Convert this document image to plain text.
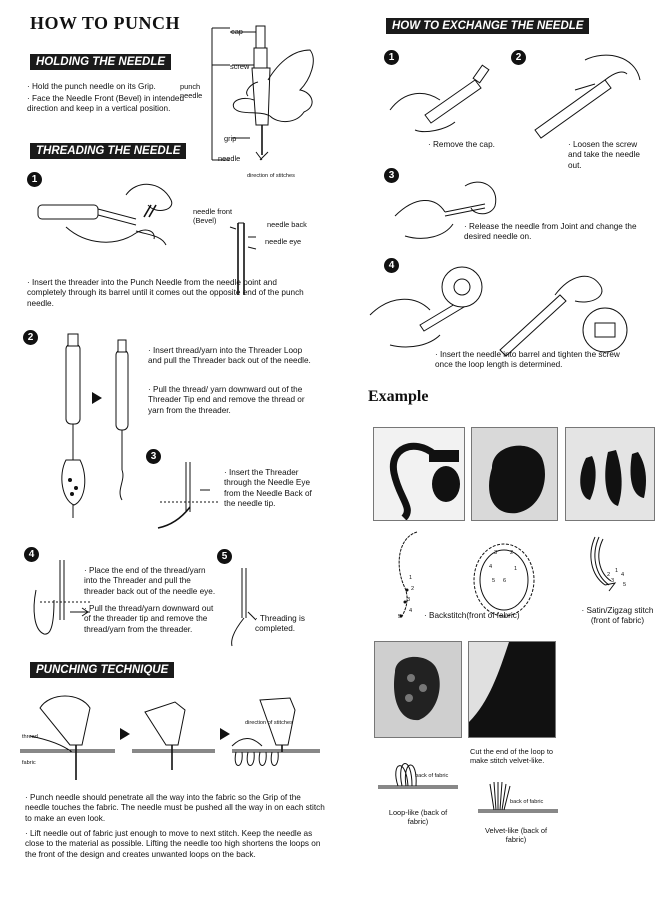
HOW TO PUNCH
HOLDING THE NEEDLE
· Hold the punch needle on its Grip.
· Face the Needle Front (Bevel) in intended direction and keep in a vertical position.
cap
screw
punch needle
grip
needle
direction of stitches
THREADING THE NEEDLE
1
needle front (Bevel)	needle back
needle eye
· Insert the threader into the Punch Needle from the needle point and completely through its barrel until it comes out the opposite end of the punch needle.
2
· Insert thread/yarn into the Threader Loop and pull the Threader back out of the needle.
· Pull the thread/ yarn downward out of the Threader Tip end and remove the thread or yarn from the threader.
3
· Insert the Threader through the Needle Eye from the Needle Back of the needle tip.
4
· Place the end of the thread/yarn into the Threader and pull the threader back out of the needle eye.
· Pull the thread/yarn downward out of the threader tip and remove the thread/yarn from the threader.
5
· Threading is completed.
PUNCHING TECHNIQUE
thread
fabric
direction of stitches
· Punch needle should penetrate all the way into the fabric so the Grip of the needle touches the fabric. The needle must be pushed all the way in on each stitch to make an even look.
· Lift needle out of fabric just enough to move to next stitch. Keep the needle as close to the material as possible. Lifting the needle too high shortens the loops on the front of the design and creates unwanted loops on the back.
HOW TO EXCHANGE THE NEEDLE
1
· Remove the cap.
2
· Loosen the screw and take the needle out.
3
· Release the needle from Joint and change the desired needle on.
4
· Insert the needle into barrel and tighten the screw once the loop length is determined.
Example
1
2
3
4
5
3 2
4	1
5 6
1
2
3
4
5
· Backstitch(front of fabric)
· Satin/Zigzag stitch (front of fabric)
Cut the end of the loop to make stitch velvet-like.
back of fabric
Loop-like (back of fabric)
back of fabric
Velvet-like (back of fabric)
